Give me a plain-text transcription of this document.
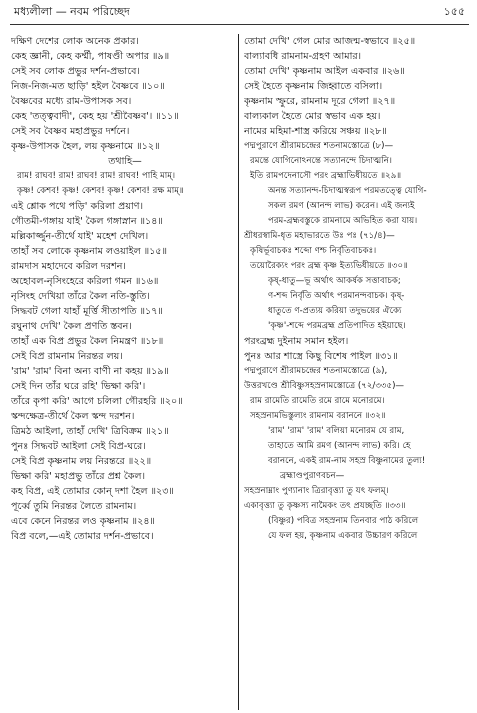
মধ্যলীলা — নবম পরিচ্ছেদ	১৫৫
দক্ষিণ দেশের লোক অনেক প্রকার।
কেহ জ্ঞানী, কেহ কর্ম্মী, পাষণ্ডী অপার ॥৯॥
সেই সব লোক প্রভুর দর্শন-প্রভাবে।
নিজ-নিজ-মত ছাড়ি' হইল বৈষ্ণবে ॥১০॥
বৈষ্ণবের মধ্যে রাম-উপাসক সব।
কেহ 'তত্ত্ববাদী', কেহ হয় 'শ্রীবৈষ্ণব'। ॥১১॥
সেই সব বৈষ্ণব মহাপ্রভুর দর্শনে।
কৃষ্ণ-উপাসক হৈল, লয় কৃষ্ণনামে ॥১২॥
তথাহি—
রাম! রাঘব! রাম! রাঘব! রাম! রাঘব! পাহি মাম্।
কৃষ্ণ! কেশব! কৃষ্ণ! কেশব! কৃষ্ণ! কেশব! রক্ষ মাম্॥
এই শ্লোক পথে পড়ি' করিলা প্রয়াণ।
গৌতমী-গঙ্গায় যাই' কৈল গঙ্গাস্নান ॥১৪॥
মল্লিকার্জ্জুন-তীর্থে যাই' মহেশ দেখিল।
তাহাঁ সব লোকে কৃষ্ণনাম লওয়াইল ॥১৫॥
রামদাস মহাদেবে করিল দরশন।
অহোবল-নৃসিংহেরে করিলা গমন ॥১৬॥
নৃসিংহ দেখিয়া তাঁরে কৈল নতি-স্তুতি।
সিদ্ধবট গেলা যাহাঁ মূর্ত্তি সীতাপতি ॥১৭॥
রঘুনাথ দেখি' কৈল প্রণতি স্তবন।
তাহাঁ এক বিপ্র প্রভুর কৈল নিমন্ত্রণ ॥১৮॥
সেই বিপ্র রামনাম নিরন্তর লয়।
'রাম' 'রাম' বিনা অন্য বাণী না কহয় ॥১৯॥
সেই দিন তাঁর ঘরে রহি' ভিক্ষা করি'।
তাঁরে কৃপা করি' আগে চলিলা গৌরহরি ॥২০॥
স্কন্দক্ষেত্র-তীর্থে কৈল স্কন্দ দরশন।
ত্রিমঠ আইলা, তাহাঁ দেখি' ত্রিবিক্রম ॥২১॥
পুনঃ সিদ্ধবট আইলা সেই বিপ্র-ঘরে।
সেই বিপ্র কৃষ্ণনাম লয় নিরন্তরে ॥২২॥
ভিক্ষা করি' মহাপ্রভু তাঁরে প্রশ্ন কৈল।
কহ বিপ্র, এই তোমার কোন্ দশা হৈল ॥২৩॥
পূর্ব্বে তুমি নিরন্তর লৈতে রামনাম।
এবে কেনে নিরন্তর লও কৃষ্ণনাম ॥২৪॥
বিপ্র বলে,—এই তোমার দর্শন-প্রভাবে।
তোমা দেখি' গেল মোর আজন্ম-স্বভাবে ॥২৫॥
বাল্যাবধি রামনাম-গ্রহণ আমার।
তোমা দেখি' কৃষ্ণনাম আইল একবার ॥২৬॥
সেই হৈতে কৃষ্ণনাম জিহ্বাতে বসিলা।
কৃষ্ণনাম স্ফুরে, রামনাম দূরে গেলা ॥২৭॥
বাল্যকাল হৈতে মোর স্বভাব এক হয়।
নামের মহিমা-শাস্ত্র করিয়ে সঞ্চয় ॥২৮॥
পদ্মপুরাণে শ্রীরামচন্দ্রের শতনামস্তোত্রে (৮)—
রমন্তে যোগিনোঽনন্তে সত্যানন্দে চিদাত্মনি।
ইতি রামপদেনাসৌ পরং ব্রহ্মাভিধীয়তে ॥২৯॥
অনন্ত সত্যানন্দ-চিদাত্মস্বরূপ পরমতত্ত্বে যোগি-
সকল রমণ (আনন্দ লাভ) করেন। এই জন্যই
পরম-ব্রহ্মবস্তুকে রামনামে অভিহিত করা যায়।
শ্রীধরস্বামি-ধৃত মহাভারতে উঃ পঃ (৭১/৪)—
কৃষির্ভূবাচকঃ শব্দো ণশ্চ নির্বৃতিবাচকঃ।
তয়োরৈক্যং পরং ব্রহ্ম কৃষ্ণ ইত্যভিধীয়তে ॥৩০॥
কৃষ্-ধাতু—ভূ অর্থাৎ আকর্ষক সত্তাবাচক;
ণ-শব্দ নির্বৃতি অর্থাৎ পরমানন্দবাচক। কৃষ্-
ধাতুতে ণ-প্রত্যয় করিয়া তদুভয়ের ঐক্যে
'কৃষ্ণ'-শব্দে পরমব্রহ্ম প্রতিপাদিত হইয়াছে।
পরংব্রহ্ম দুইনাম সমান হইল।
পুনঃ আর শাস্ত্রে কিছু বিশেষ পাইল ॥৩১॥
পদ্মপুরাণে শ্রীরামচন্দ্রের শতনামস্তোত্রে (৯),
উত্তরখণ্ডে শ্রীবিষ্ণুসহস্রনামস্তোত্রে (৭২/৩৩৫)—
রাম রামেতি রামেতি রমে রামে মনোরমে।
সহস্রনামভিস্তুল্যং রামনাম বরাননে ॥৩২॥
'রাম' 'রাম' 'রাম' বলিয়া মনোরম যে রাম,
তাহাতে আমি রমণ (আনন্দ লাভ) করি। হে
বরাননে, একই রাম-নাম সহস্র বিষ্ণুনামের তুল্য!
ব্রহ্মাণ্ডপুরাণবচন—
সহস্রনাম্নাং পুণ্যানাং ত্রিরাবৃত্ত্যা তু যৎ ফলম্।
একাবৃত্ত্যা তু কৃষ্ণস্য নামৈকং তৎ প্রযচ্ছতি ॥৩৩॥
(বিষ্ণুর) পবিত্র সহস্রনাম তিনবার পাঠ করিলে
যে ফল হয়, কৃষ্ণনাম একবার উচ্চারণ করিলে
